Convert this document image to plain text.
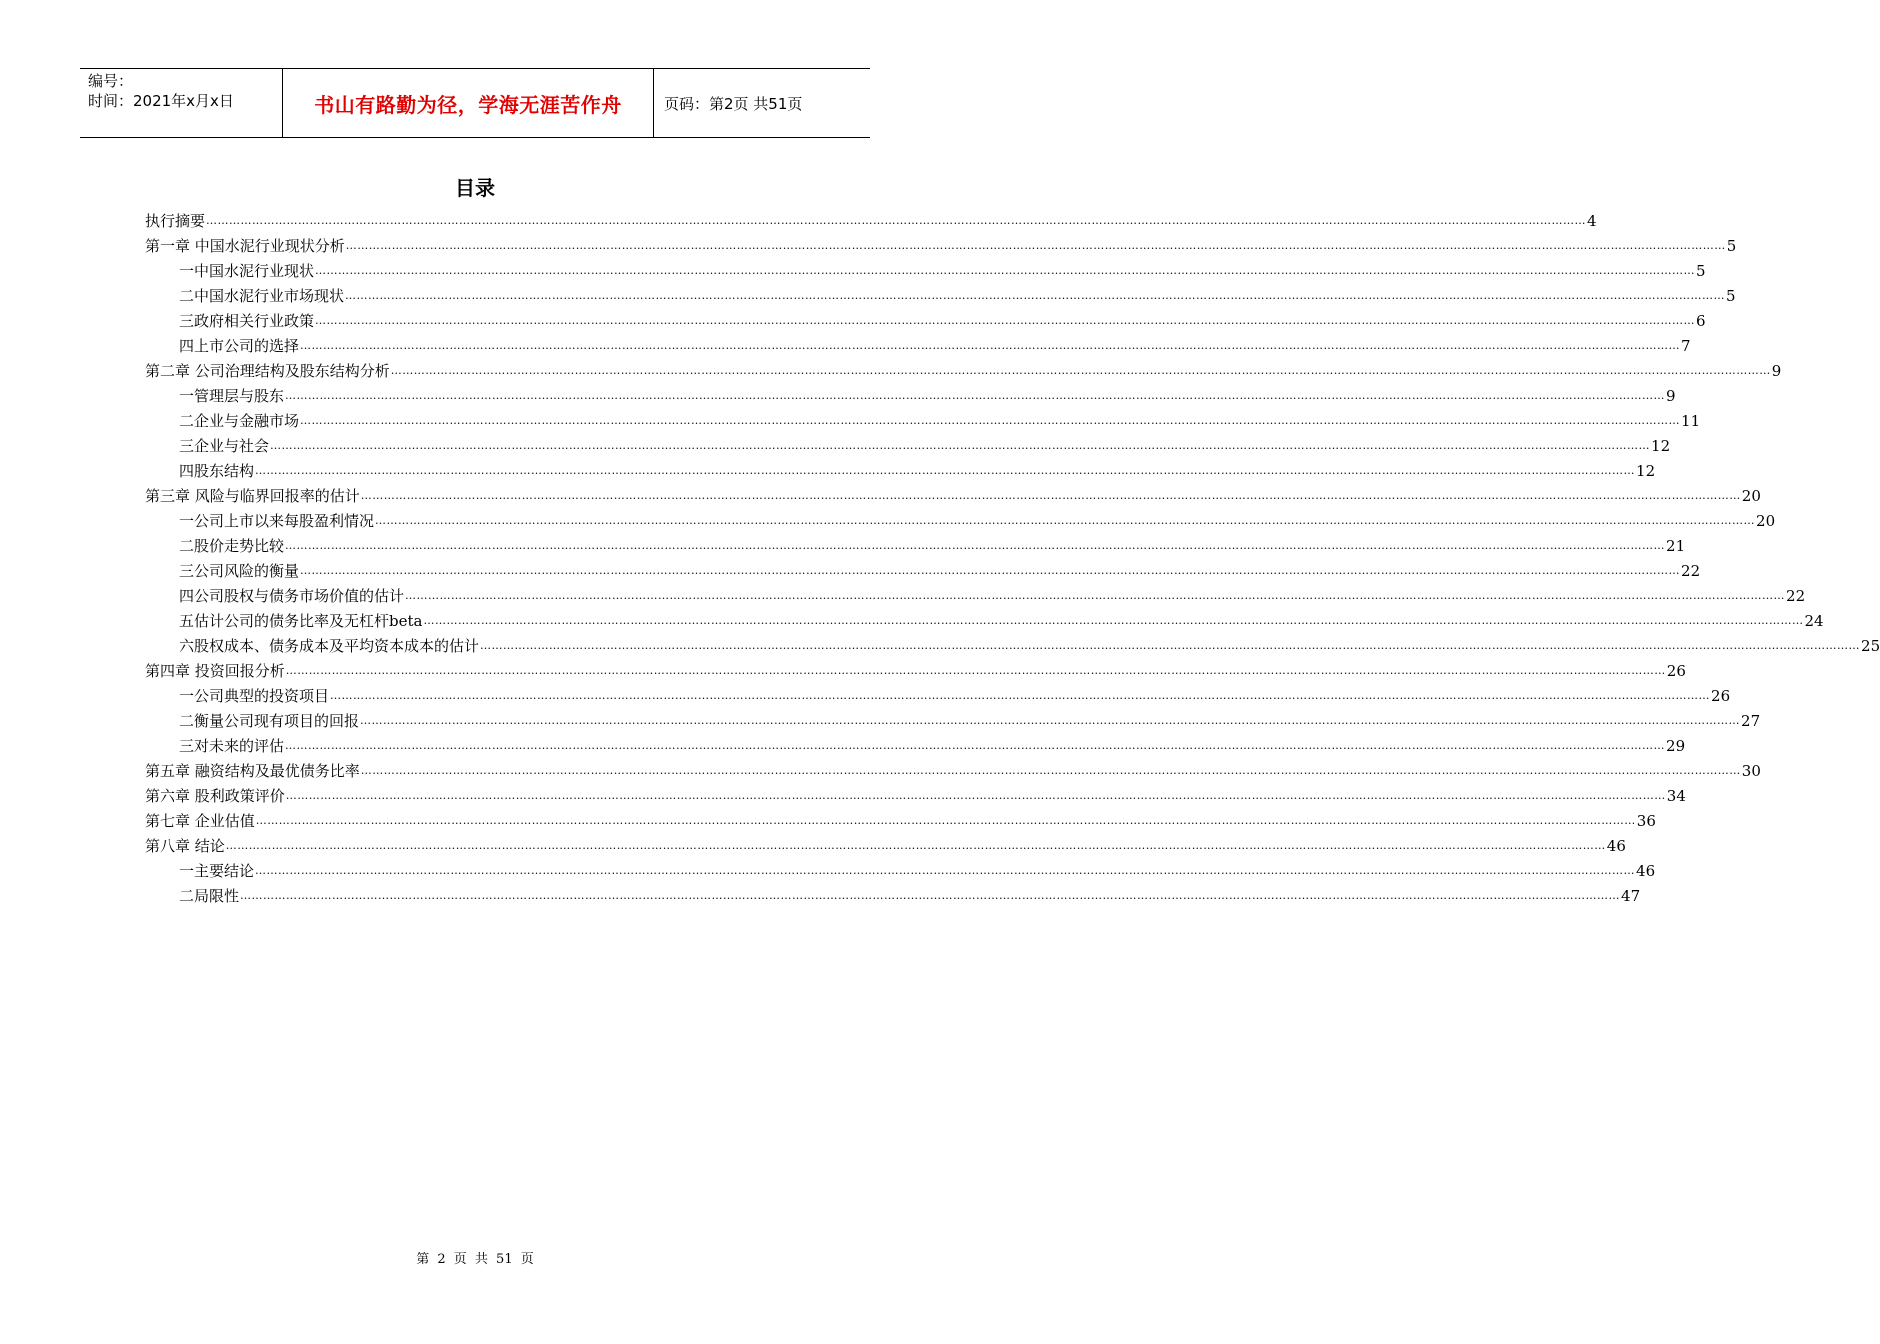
编号：
时间：2021年x月x日	书山有路勤为径，学海无涯苦作舟	页码：第2页 共51页
目录
执行摘要 ……………………………………………………………………………………………………………………………………………………………………………………………………………………………………………………………………………………………………………………………… 4
第一章 中国水泥行业现状分析 ……………………………………………………………………………………………………………………………………………………………………………………………………………………………………………………………………………………………………………………………… 5
一 中国水泥行业现状 ……………………………………………………………………………………………………………………………………………………………………………………………………………………………………………………………………………………………………………………………… 5
二 中国水泥行业市场现状 ……………………………………………………………………………………………………………………………………………………………………………………………………………………………………………………………………………………………………………………………… 5
三 政府相关行业政策 ……………………………………………………………………………………………………………………………………………………………………………………………………………………………………………………………………………………………………………………………… 6
四 上市公司的选择 ……………………………………………………………………………………………………………………………………………………………………………………………………………………………………………………………………………………………………………………………… 7
第二章 公司治理结构及股东结构分析 ……………………………………………………………………………………………………………………………………………………………………………………………………………………………………………………………………………………………………………………………… 9
一 管理层与股东 ……………………………………………………………………………………………………………………………………………………………………………………………………………………………………………………………………………………………………………………………… 9
二 企业与金融市场 ……………………………………………………………………………………………………………………………………………………………………………………………………………………………………………………………………………………………………………………………… 11
三 企业与社会 ……………………………………………………………………………………………………………………………………………………………………………………………………………………………………………………………………………………………………………………………… 12
四 股东结构 ……………………………………………………………………………………………………………………………………………………………………………………………………………………………………………………………………………………………………………………………… 12
第三章 风险与临界回报率的估计 ……………………………………………………………………………………………………………………………………………………………………………………………………………………………………………………………………………………………………………………………… 20
一 公司上市以来每股盈利情况 ……………………………………………………………………………………………………………………………………………………………………………………………………………………………………………………………………………………………………………………………… 20
二 股价走势比较 ……………………………………………………………………………………………………………………………………………………………………………………………………………………………………………………………………………………………………………………………… 21
三 公司风险的衡量 ……………………………………………………………………………………………………………………………………………………………………………………………………………………………………………………………………………………………………………………………… 22
四 公司股权与债务市场价值的估计 ……………………………………………………………………………………………………………………………………………………………………………………………………………………………………………………………………………………………………………………………… 22
五 估计公司的债务比率及无杠杆beta ……………………………………………………………………………………………………………………………………………………………………………………………………………………………………………………………………………………………………………………………… 24
六 股权成本、债务成本及平均资本成本的估计 ……………………………………………………………………………………………………………………………………………………………………………………………………………………………………………………………………………………………………………………………… 25
第四章 投资回报分析 ……………………………………………………………………………………………………………………………………………………………………………………………………………………………………………………………………………………………………………………………… 26
一 公司典型的投资项目 ……………………………………………………………………………………………………………………………………………………………………………………………………………………………………………………………………………………………………………………………… 26
二 衡量公司现有项目的回报 ……………………………………………………………………………………………………………………………………………………………………………………………………………………………………………………………………………………………………………………………… 27
三 对未来的评估 ……………………………………………………………………………………………………………………………………………………………………………………………………………………………………………………………………………………………………………………………… 29
第五章 融资结构及最优债务比率 ……………………………………………………………………………………………………………………………………………………………………………………………………………………………………………………………………………………………………………………………… 30
第六章 股利政策评价 ……………………………………………………………………………………………………………………………………………………………………………………………………………………………………………………………………………………………………………………………… 34
第七章 企业估值 ……………………………………………………………………………………………………………………………………………………………………………………………………………………………………………………………………………………………………………………………… 36
第八章 结论 ……………………………………………………………………………………………………………………………………………………………………………………………………………………………………………………………………………………………………………………………… 46
一 主要结论 ……………………………………………………………………………………………………………………………………………………………………………………………………………………………………………………………………………………………………………………………… 46
二 局限性 ……………………………………………………………………………………………………………………………………………………………………………………………………………………………………………………………………………………………………………………………… 47
第 2 页 共 51 页
